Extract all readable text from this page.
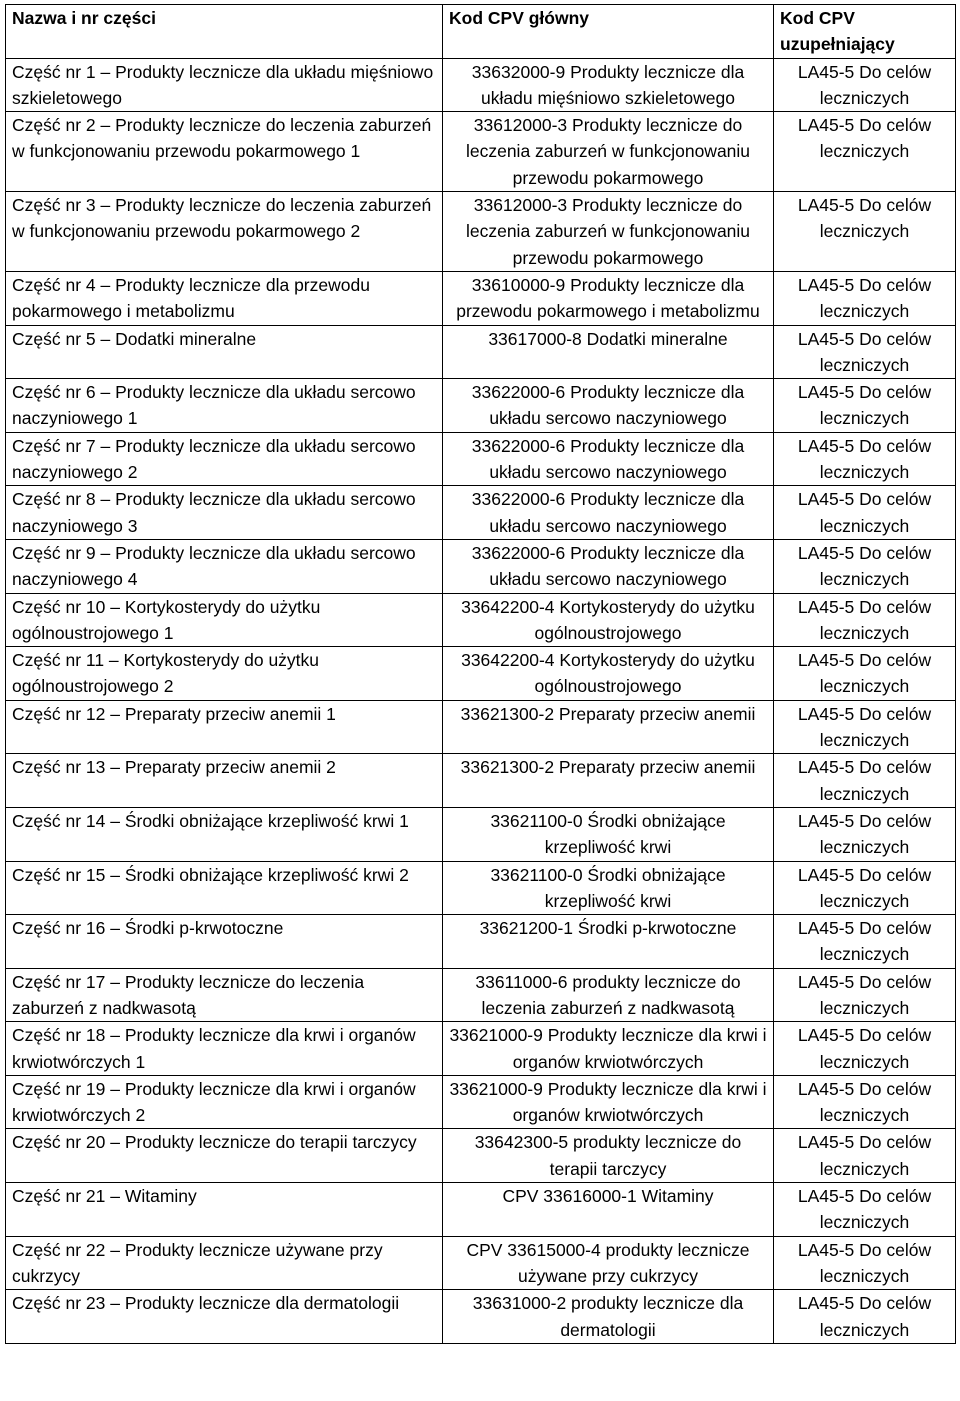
Nazwa i nr części	Kod CPV główny	Kod CPV uzupełniający
Część nr 1 – Produkty lecznicze dla układu mięśniowo szkieletowego	33632000-9 Produkty lecznicze dla układu mięśniowo szkieletowego	LA45-5 Do celów leczniczych
Część nr 2 – Produkty lecznicze do leczenia zaburzeń w funkcjonowaniu przewodu pokarmowego 1	33612000-3 Produkty lecznicze do leczenia zaburzeń w funkcjonowaniu przewodu pokarmowego	LA45-5 Do celów leczniczych
Część nr 3 – Produkty lecznicze do leczenia zaburzeń w funkcjonowaniu przewodu pokarmowego 2	33612000-3 Produkty lecznicze do leczenia zaburzeń w funkcjonowaniu przewodu pokarmowego	LA45-5 Do celów leczniczych
Część nr 4 – Produkty lecznicze dla przewodu pokarmowego i metabolizmu	33610000-9 Produkty lecznicze dla przewodu pokarmowego i metabolizmu	LA45-5 Do celów leczniczych
Część nr 5 – Dodatki mineralne	33617000-8 Dodatki mineralne	LA45-5 Do celów leczniczych
Część nr 6 – Produkty lecznicze dla układu sercowo naczyniowego 1	33622000-6 Produkty lecznicze dla układu sercowo naczyniowego	LA45-5 Do celów leczniczych
Część nr 7 – Produkty lecznicze dla układu sercowo naczyniowego 2	33622000-6 Produkty lecznicze dla układu sercowo naczyniowego	LA45-5 Do celów leczniczych
Część nr 8 – Produkty lecznicze dla układu sercowo naczyniowego 3	33622000-6 Produkty lecznicze dla układu sercowo naczyniowego	LA45-5 Do celów leczniczych
Część nr 9 – Produkty lecznicze dla układu sercowo naczyniowego 4	33622000-6 Produkty lecznicze dla układu sercowo naczyniowego	LA45-5 Do celów leczniczych
Część nr 10 – Kortykosterydy do użytku ogólnoustrojowego 1	33642200-4 Kortykosterydy do użytku ogólnoustrojowego	LA45-5 Do celów leczniczych
Część nr 11 – Kortykosterydy do użytku ogólnoustrojowego 2	33642200-4 Kortykosterydy do użytku ogólnoustrojowego	LA45-5 Do celów leczniczych
Część nr 12 – Preparaty przeciw anemii 1	33621300-2 Preparaty przeciw anemii	LA45-5 Do celów leczniczych
Część nr 13 – Preparaty przeciw anemii 2	33621300-2 Preparaty przeciw anemii	LA45-5 Do celów leczniczych
Część nr 14 – Środki obniżające krzepliwość krwi 1	33621100-0 Środki obniżające krzepliwość krwi	LA45-5 Do celów leczniczych
Część nr 15 – Środki obniżające krzepliwość krwi 2	33621100-0 Środki obniżające krzepliwość krwi	LA45-5 Do celów leczniczych
Część nr 16 – Środki p-krwotoczne	33621200-1 Środki p-krwotoczne	LA45-5 Do celów leczniczych
Część nr 17 – Produkty lecznicze do leczenia zaburzeń z nadkwasotą	33611000-6 produkty lecznicze do leczenia zaburzeń z nadkwasotą	LA45-5 Do celów leczniczych
Część nr 18 – Produkty lecznicze dla krwi i organów krwiotwórczych 1	33621000-9 Produkty lecznicze dla krwi i organów krwiotwórczych	LA45-5 Do celów leczniczych
Część nr 19 – Produkty lecznicze dla krwi i organów krwiotwórczych 2	33621000-9 Produkty lecznicze dla krwi i organów krwiotwórczych	LA45-5 Do celów leczniczych
Część nr 20 – Produkty lecznicze do terapii tarczycy	33642300-5 produkty lecznicze do terapii tarczycy	LA45-5 Do celów leczniczych
Część nr 21 – Witaminy	CPV 33616000-1 Witaminy	LA45-5 Do celów leczniczych
Część nr 22 – Produkty lecznicze używane przy cukrzycy	CPV 33615000-4 produkty lecznicze używane przy cukrzycy	LA45-5 Do celów leczniczych
Część nr 23 – Produkty lecznicze dla dermatologii	33631000-2 produkty lecznicze dla dermatologii	LA45-5 Do celów leczniczych
